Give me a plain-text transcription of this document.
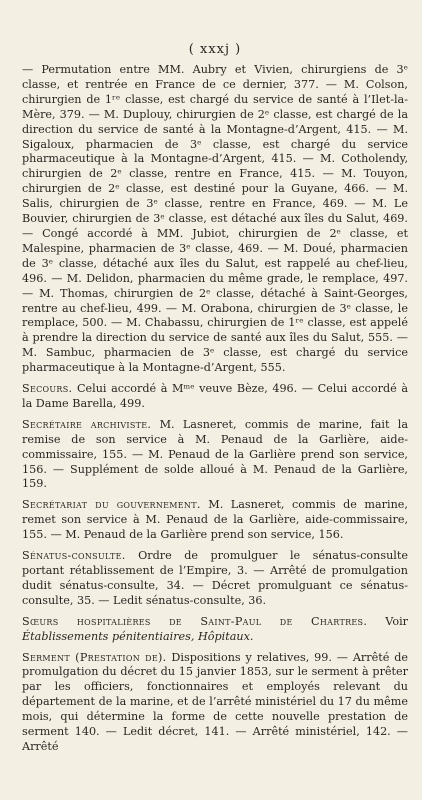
( xxxj )

— Permutation entre MM. Aubry et Vivien, chirurgiens de 3ᵉ classe, et rentrée en France de ce dernier, 377. — M. Colson, chirurgien de 1ʳᵉ classe, est chargé du service de santé à l’Ilet-la-Mère, 379. — M. Duplouy, chirurgien de 2ᵉ classe, est chargé de la direction du service de santé à la Montagne-d’Argent, 415. — M. Sigaloux, pharmacien de 3ᵉ classe, est chargé du service pharmaceutique à la Montagne-d’Argent, 415. — M. Cotholendy, chirurgien de 2ᵉ classe, rentre en France, 415. — M. Touyon, chirurgien de 2ᵉ classe, est destiné pour la Guyane, 466. — M. Salis, chirurgien de 3ᵉ classe, rentre en France, 469. — M. Le Bouvier, chirurgien de 3ᵉ classe, est détaché aux îles du Salut, 469. — Congé accordé à MM. Jubiot, chirurgien de 2ᵉ classe, et Malespine, pharmacien de 3ᵉ classe, 469. — M. Doué, pharmacien de 3ᵉ classe, détaché aux îles du Salut, est rappelé au chef-lieu, 496. — M. Delidon, pharmacien du même grade, le remplace, 497. — M. Thomas, chirurgien de 2ᵉ classe, détaché à Saint-Georges, rentre au chef-lieu, 499. — M. Orabona, chirurgien de 3ᵉ classe, le remplace, 500. — M. Chabassu, chirurgien de 1ʳᵉ classe, est appelé à prendre la direction du service de santé aux îles du Salut, 555. — M. Sambuc, pharmacien de 3ᵉ classe, est chargé du service pharmaceutique à la Montagne-d’Argent, 555.

Secours. Celui accordé à Mᵐᵉ veuve Bèze, 496. — Celui accordé à la Dame Barella, 499.

Secrétaire archiviste. M. Lasneret, commis de marine, fait la remise de son service à M. Penaud de la Garlière, aide-commissaire, 155. — M. Penaud de la Garlière prend son service, 156. — Supplément de solde alloué à M. Penaud de la Garlière, 159.

Secrétariat du gouvernement. M. Lasneret, commis de marine, remet son service à M. Penaud de la Garlière, aide-commissaire, 155. — M. Penaud de la Garlière prend son service, 156.

Sénatus-consulte. Ordre de promulguer le sénatus-consulte portant rétablissement de l’Empire, 3. — Arrêté de promulgation dudit sénatus-consulte, 34. — Décret promulguant ce sénatus-consulte, 35. — Ledit sénatus-consulte, 36.

Sœurs hospitalières de Saint-Paul de Chartres. Voir Établissements pénitentiaires, Hôpitaux.

Serment (Prestation de). Dispositions y relatives, 99. — Arrêté de promulgation du décret du 15 janvier 1853, sur le serment à prêter par les officiers, fonctionnaires et employés relevant du département de la marine, et de l’arrêté ministériel du 17 du même mois, qui détermine la forme de cette nouvelle prestation de serment 140. — Ledit décret, 141. — Arrêté ministériel, 142. — Arrêté
